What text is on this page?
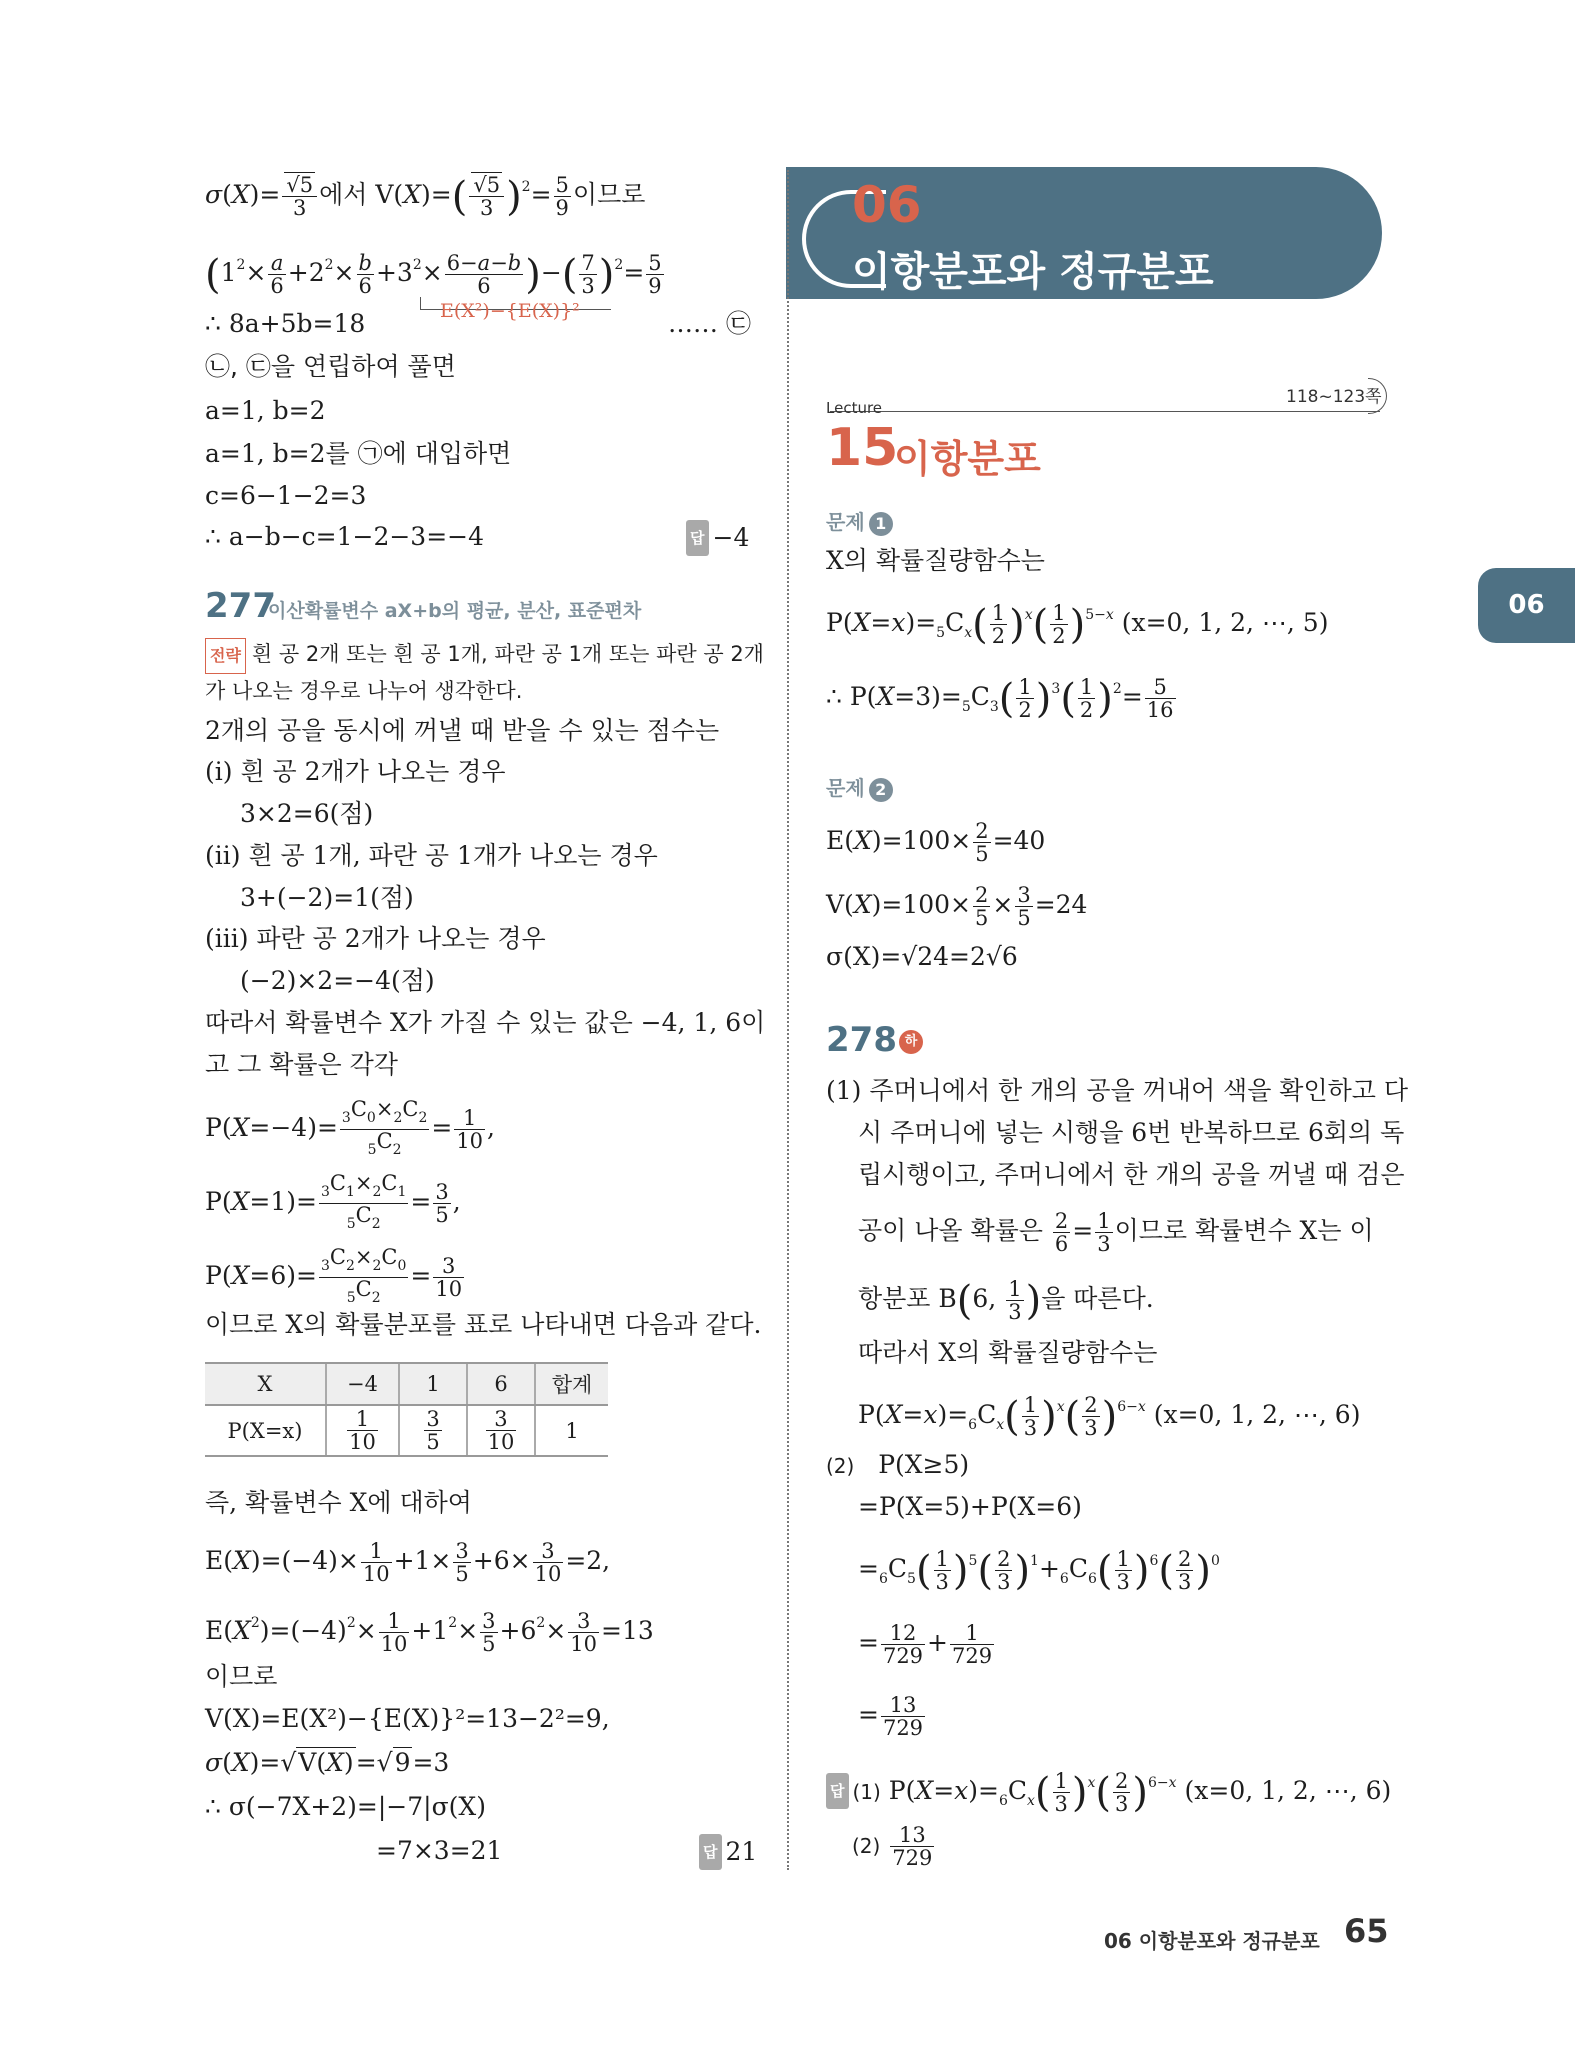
06
이항분포와 정규분포
06
$\sigma(X)= \frac{√5}{3}$ 에서 $V(X)=( \frac{√5}{3} )^2= \frac{5}{9}$ 이므로
($1^2\times \frac{a}{6} +2^2\times \frac{b}{6} +3^2\times \frac{6-a-b}{6}$ )−( $\frac{7}{3} )^2= \frac{5}{9}$
E(X²)−{E(X)}²
∴ 8a+5b=18	…… ㉢
㉡, ㉢을 연립하여 풀면
a=1, b=2
a=1, b=2를 ㉠에 대입하면
c=6−1−2=3
∴ a−b−c=1−2−3=−4	답 −4
277
이산확률변수 aX+b의 평균, 분산, 표준편차
전략 흰 공 2개 또는 흰 공 1개, 파란 공 1개 또는 파란 공 2개
가 나오는 경우로 나누어 생각한다.
2개의 공을 동시에 꺼낼 때 받을 수 있는 점수는
(i) 흰 공 2개가 나오는 경우
3×2=6(점)
(ii) 흰 공 1개, 파란 공 1개가 나오는 경우
3+(−2)=1(점)
(iii) 파란 공 2개가 나오는 경우
(−2)×2=−4(점)
따라서 확률변수 X가 가질 수 있는 값은 −4, 1, 6이
고 그 확률은 각각
$P(X=-4)= \frac{_3C_0\times_2C_2}{_5C_2} = \frac{1}{10}$ ,
$P(X=1)= \frac{_3C_1\times_2C_1}{_5C_2} = \frac{3}{5}$ ,
$P(X=6)= \frac{_3C_2\times_2C_0}{_5C_2} = \frac{3}{10}$
이므로 X의 확률분포를 표로 나타내면 다음과 같다.
X	−4	1	6	합계
P(X=x)	$\frac{1}{10}$	$\frac{3}{5}$	$\frac{3}{10}$	1
즉, 확률변수 X에 대하여
$E(X)=(-4)\times \frac{1}{10} +1\times \frac{3}{5} +6\times \frac{3}{10} =2$,
$E(X^2)=(-4)^2\times \frac{1}{10} +1^2\times \frac{3}{5} +6^2\times \frac{3}{10} =13$
이므로
V(X)=E(X²)−{E(X)}²=13−2²=9,
σ(X)=√V(X)=√9=3
∴ σ(−7X+2)=|−7|σ(X)
=7×3=21	답 21
118~123쪽
Lecture
15
이항분포
문제 1
X의 확률질량함수는
$P(X=x)=_5C_x( \frac{1}{2} )^x( \frac{1}{2} )^{5-x}$ (x=0, 1, 2, ⋯, 5)
∴ $P(X=3)=_5C_3( \frac{1}{2} )^3( \frac{1}{2} )^2= \frac{5}{16}$
문제 2
$E(X)=100\times \frac{2}{5} =40$
$V(X)=100\times \frac{2}{5} \times \frac{3}{5} =24$
σ(X)=√24=2√6
278 하
(1) 주머니에서 한 개의 공을 꺼내어 색을 확인하고 다
시 주머니에 넣는 시행을 6번 반복하므로 6회의 독
립시행이고, 주머니에서 한 개의 공을 꺼낼 때 검은
공이 나올 확률은 $\frac{2}{6} = \frac{1}{3}$ 이므로 확률변수 X는 이
항분포 B(6, $\frac{1}{3}$ )을 따른다.
따라서 X의 확률질량함수는
$P(X=x)=_6C_x( \frac{1}{3} )^x( \frac{2}{3} )^{6-x}$ (x=0, 1, 2, ⋯, 6)
(2) P(X≥5)
=P(X=5)+P(X=6)
$=_6C_5( \frac{1}{3} )^5( \frac{2}{3} )^1+_6C_6( \frac{1}{3} )^6( \frac{2}{3} )^0$
= $\frac{12}{729} + \frac{1}{729}$
= $\frac{13}{729}$
답 (1) $P(X=x)=_6C_x( \frac{1}{3} )^x( \frac{2}{3} )^{6-x}$ (x=0, 1, 2, ⋯, 6)
$(2) \frac{13}{729}$
06 이항분포와 정규분포 65
